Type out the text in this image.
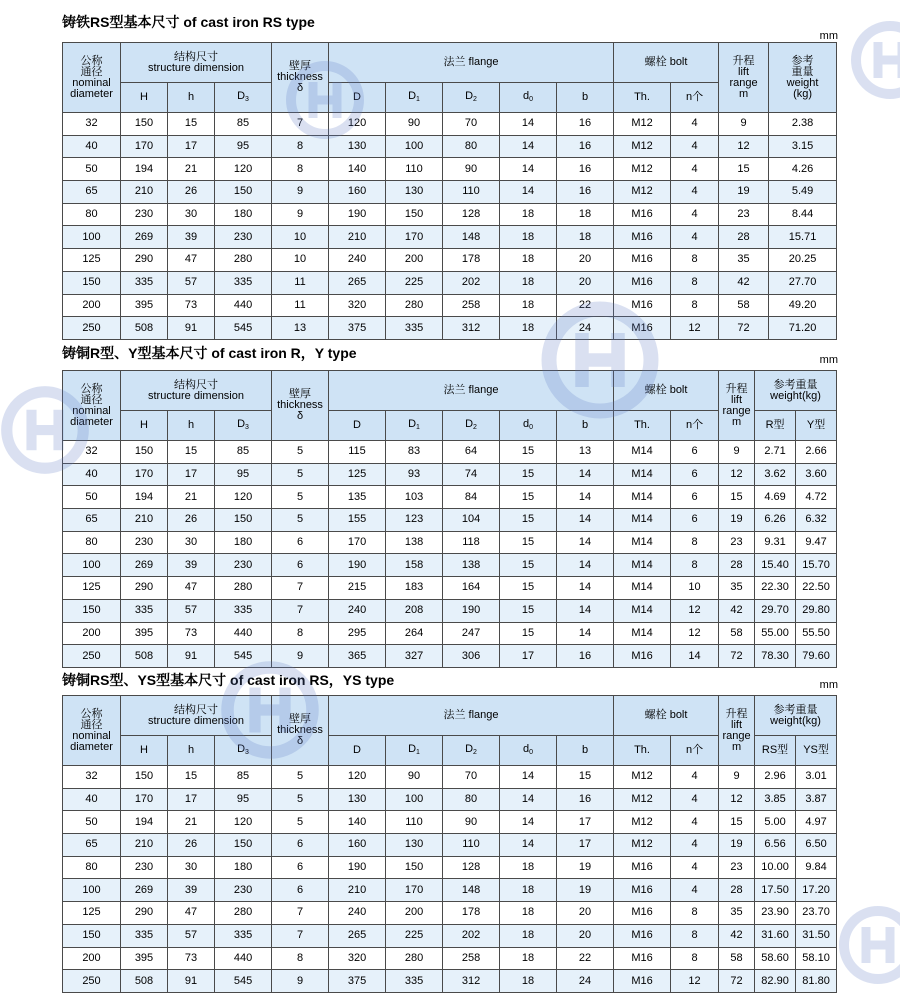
铸铁RS型基本尺寸 of cast iron RS type
mm
公称
通径
nominal
diameter	结构尺寸
structure dimension			壁厚
thickness
δ	法兰 flange					螺栓 bolt		升程
lift
range
m	参考
重量
weight
(kg)

	H	h	$D_3$		D	$D_1$	$D_2$	$d_0$	b	Th.	n个		
32	150	15	85	7	120	90	70	14	16	M12	4	9	2.38
40	170	17	95	8	130	100	80	14	16	M12	4	12	3.15
50	194	21	120	8	140	110	90	14	16	M12	4	15	4.26
65	210	26	150	9	160	130	110	14	16	M12	4	19	5.49
80	230	30	180	9	190	150	128	18	18	M16	4	23	8.44
100	269	39	230	10	210	170	148	18	18	M16	4	28	15.71
125	290	47	280	10	240	200	178	18	20	M16	8	35	20.25
150	335	57	335	11	265	225	202	18	20	M16	8	42	27.70
200	395	73	440	11	320	280	258	18	22	M16	8	58	49.20
250	508	91	545	13	375	335	312	18	24	M16	12	72	71.20
铸铜R型、Y型基本尺寸 of cast iron R，Y type	mm
公称
通径
nominal
diameter	结构尺寸
structure dimension			壁厚
thickness
δ	法兰 flange					螺栓 bolt		升程
lift
range
m	参考重量
weight(kg)	

	H	h	$D_3$		D	$D_1$	$D_2$	$d_0$	b	Th.	n个		R型	Y型
32	150	15	85	5	115	83	64	15	13	M14	6	9	2.71	2.66
40	170	17	95	5	125	93	74	15	14	M14	6	12	3.62	3.60
50	194	21	120	5	135	103	84	15	14	M14	6	15	4.69	4.72
65	210	26	150	5	155	123	104	15	14	M14	6	19	6.26	6.32
80	230	30	180	6	170	138	118	15	14	M14	8	23	9.31	9.47
100	269	39	230	6	190	158	138	15	14	M14	8	28	15.40	15.70
125	290	47	280	7	215	183	164	15	14	M14	10	35	22.30	22.50
150	335	57	335	7	240	208	190	15	14	M14	12	42	29.70	29.80
200	395	73	440	8	295	264	247	15	14	M14	12	58	55.00	55.50
250	508	91	545	9	365	327	306	17	16	M16	14	72	78.30	79.60
铸铜RS型、YS型基本尺寸 of cast iron RS，YS type	mm
公称
通径
nominal
diameter	结构尺寸
structure dimension			壁厚
thickness
δ	法兰 flange					螺栓 bolt		升程
lift
range
m	参考重量
weight(kg)	

	H	h	$D_3$		D	$D_1$	$D_2$	$d_0$	b	Th.	n个		RS型	YS型
32	150	15	85	5	120	90	70	14	15	M12	4	9	2.96	3.01
40	170	17	95	5	130	100	80	14	16	M12	4	12	3.85	3.87
50	194	21	120	5	140	110	90	14	17	M12	4	15	5.00	4.97
65	210	26	150	6	160	130	110	14	17	M12	4	19	6.56	6.50
80	230	30	180	6	190	150	128	18	19	M16	4	23	10.00	9.84
100	269	39	230	6	210	170	148	18	19	M16	4	28	17.50	17.20
125	290	47	280	7	240	200	178	18	20	M16	8	35	23.90	23.70
150	335	57	335	7	265	225	202	18	20	M16	8	42	31.60	31.50
200	395	73	440	8	320	280	258	18	22	M16	8	58	58.60	58.10
250	508	91	545	9	375	335	312	18	24	M16	12	72	82.90	81.80
